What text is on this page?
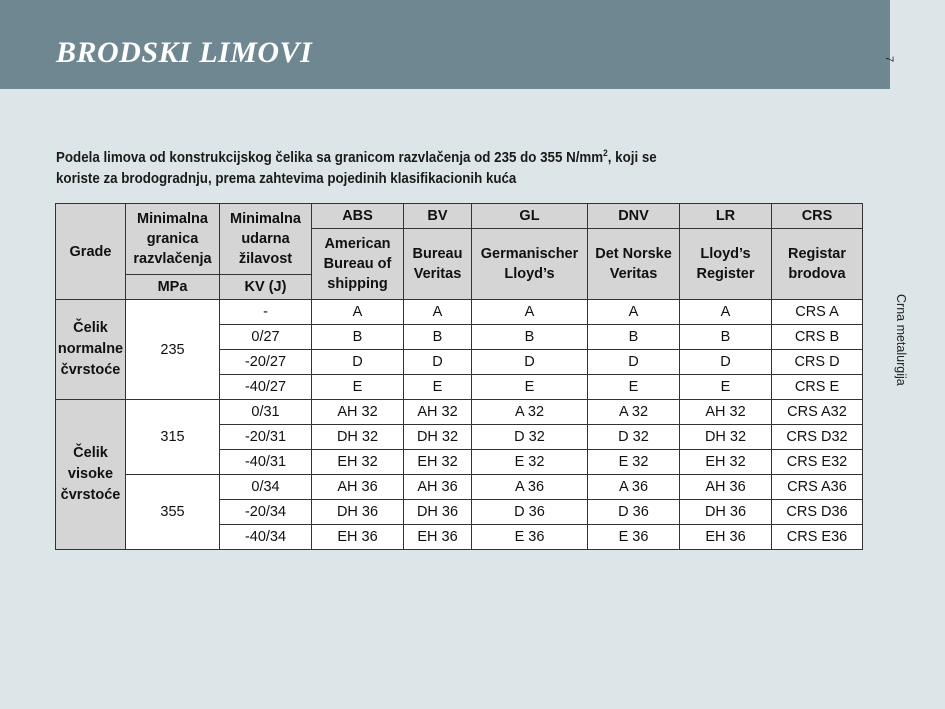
BRODSKI LIMOVI	7
Crna metalurgija
Podela limova od konstrukcijskog čelika sa granicom razvlačenja od 235 do 355 $N/mm^2$, koji se
koriste za brodogradnju, prema zahtevima pojedinih klasifikacionih kuća
Grade	Minimalna granica razvlačenja	Minimalna udarna žilavost	ABS	BV	GL	DNV	LR	CRS
			American Bureau of shipping	Bureau Veritas	Germanischer Lloyd’s	Det Norske Veritas	Lloyd’s Register	Registar brodova
	MPa	KV (J)						
Čelik normalne čvrstoće	235	-	A	A	A	A	A	CRS A
		0/27	B	B	B	B	B	CRS B
		-20/27	D	D	D	D	D	CRS D
		-40/27	E	E	E	E	E	CRS E
Čelik visoke čvrstoće	315	0/31	AH 32	AH 32	A 32	A 32	AH 32	CRS A32
		-20/31	DH 32	DH 32	D 32	D 32	DH 32	CRS D32
		-40/31	EH 32	EH 32	E 32	E 32	EH 32	CRS E32
	355	0/34	AH 36	AH 36	A 36	A 36	AH 36	CRS A36
		-20/34	DH 36	DH 36	D 36	D 36	DH 36	CRS D36
		-40/34	EH 36	EH 36	E 36	E 36	EH 36	CRS E36
